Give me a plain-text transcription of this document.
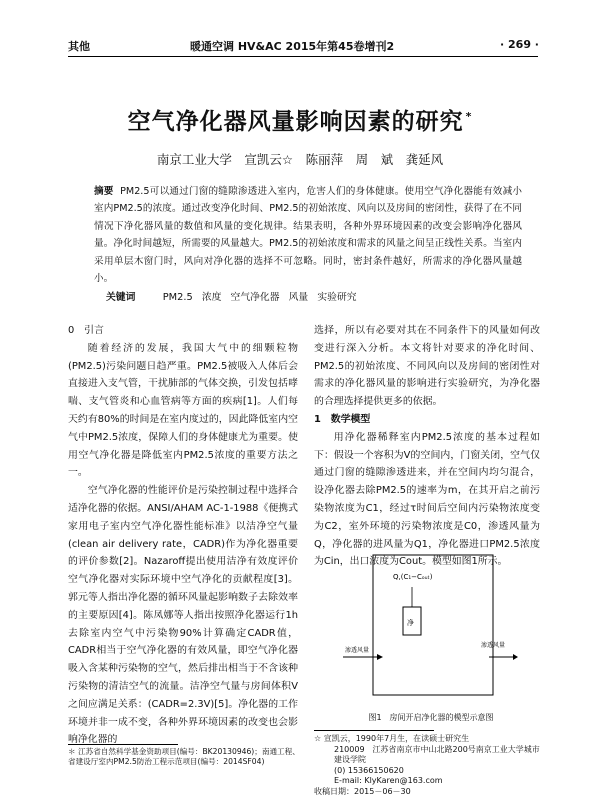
其他	暖通空调 HV&AC 2015年第45卷增刊2	· 269 ·
空气净化器风量影响因素的研究 *
南京工业大学　宣凯云☆　陈丽萍　周　斌　龚延风
摘要 PM2.5可以通过门窗的缝隙渗透进入室内，危害人们的身体健康。使用空气净化器能有效减小室内PM2.5的浓度。通过改变净化时间、PM2.5的初始浓度、风向以及房间的密闭性，获得了在不同情况下净化器风量的数值和风量的变化规律。结果表明，各种外界环境因素的改变会影响净化器风量。净化时间越短，所需要的风量越大。PM2.5的初始浓度和需求的风量之间呈正线性关系。当室内采用单层木窗门时，风向对净化器的选择不可忽略。同时，密封条件越好，所需求的净化器风量越小。
关键词	PM2.5 浓度 空气净化器 风量 实验研究

0　引言

随着经济的发展，我国大气中的细颗粒物(PM2.5)污染问题日趋严重。PM2.5被吸入人体后会直接进入支气管，干扰肺部的气体交换，引发包括哮喘、支气管炎和心血管病等方面的疾病[1]。人们每天约有80%的时间是在室内度过的，因此降低室内空气中PM2.5浓度，保障人们的身体健康尤为重要。使用空气净化器是降低室内PM2.5浓度的重要方法之一。

空气净化器的性能评价是污染控制过程中选择合适净化器的依据。ANSI/AHAM AC-1-1988《便携式家用电子室内空气净化器性能标准》以洁净空气量(clean air delivery rate，CADR)作为净化器重要的评价参数[2]。Nazaroff提出使用洁净有效度评价空气净化器对实际环境中空气净化的贡献程度[3]。郭元等人指出净化器的循环风量起影响数子去除效率的主要原因[4]。陈凤娜等人指出按照净化器运行1h去除室内空气中污染物90%计算确定CADR值，CADR相当于空气净化器的有效风量，即空气净化器吸入含某种污染物的空气，然后排出相当于不含该种污染物的清洁空气的流量。洁净空气量与房间体积V之间应满足关系：(CADR=2.3V)[5]。净化器的工作环境并非一成不变，各种外界环境因素的改变也会影响净化器的

选择，所以有必要对其在不同条件下的风量如何改变进行深入分析。本文将针对要求的净化时间、PM2.5的初始浓度、不同风向以及房间的密闭性对需求的净化器风量的影响进行实验研究，为净化器的合理选择提供更多的依据。

1　数学模型

用净化器稀释室内PM2.5浓度的基本过程如下：假设一个容积为V的空间内，门窗关闭，空气仅通过门窗的缝隙渗透进来，并在空间内均匀混合，设净化器去除PM2.5的速率为m，在其开启之前污染物浓度为C1，经过τ时间后空间内污染物浓度变为C2，室外环境的污染物浓度是C0，渗透风量为Q，净化器的进风量为Q1，净化器进口PM2.5浓度为Cin，出口浓度为Cout。模型如图1所示。

Q,(C₁−Cₒᵤₜ)
净
渗透风量
渗透风量
图1　房间开启净化器的模型示意图
☆ 宣凯云，1990年7月生，在读硕士研究生
210009　江苏省南京市中山北路200号南京工业大学城市建设学院
(0) 15366150620
E-mail: KlyKaren@163.com
收稿日期：2015－06－30
＊ 江苏省自然科学基金资助项目(编号：BK20130946)；南通工程、省建设厅室内PM2.5防治工程示范项目(编号：2014SF04)
